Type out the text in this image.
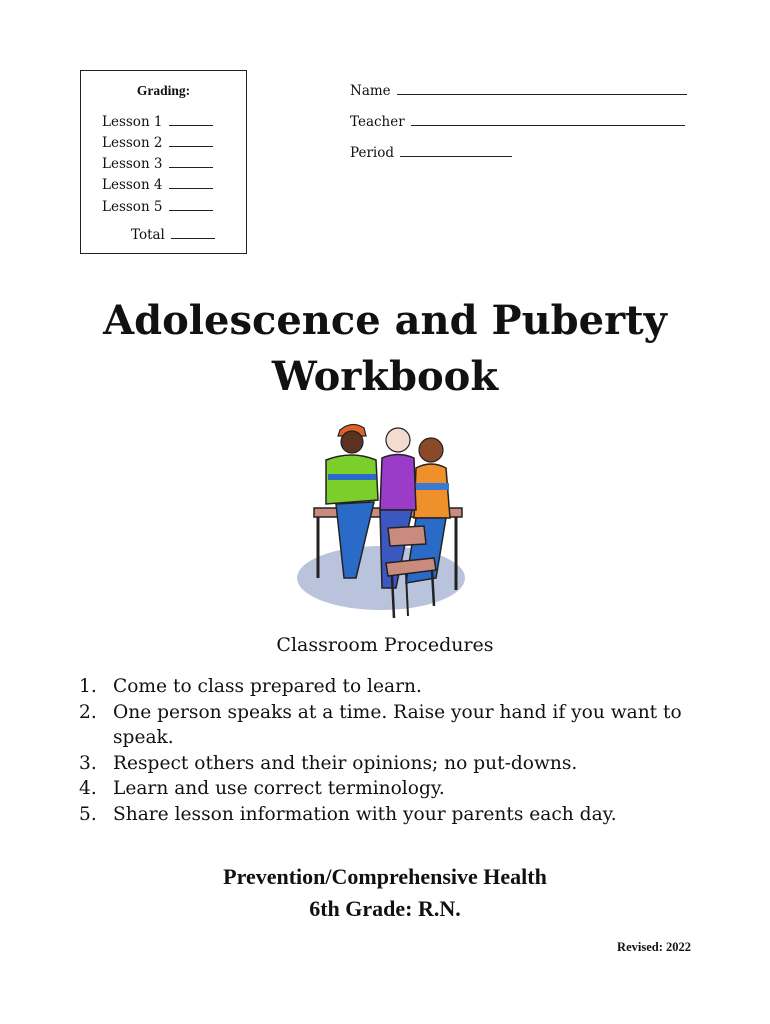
Grading:
Lesson 1
Lesson 2
Lesson 3
Lesson 4
Lesson 5
Total
Name
Teacher
Period
Adolescence and Puberty
Workbook
Classroom Procedures
1. Come to class prepared to learn.
2. One person speaks at a time. Raise your hand if you want to speak.
3. Respect others and their opinions; no put-downs.
4. Learn and use correct terminology.
5. Share lesson information with your parents each day.
Prevention/Comprehensive Health
6th Grade: R.N.
Revised: 2022
